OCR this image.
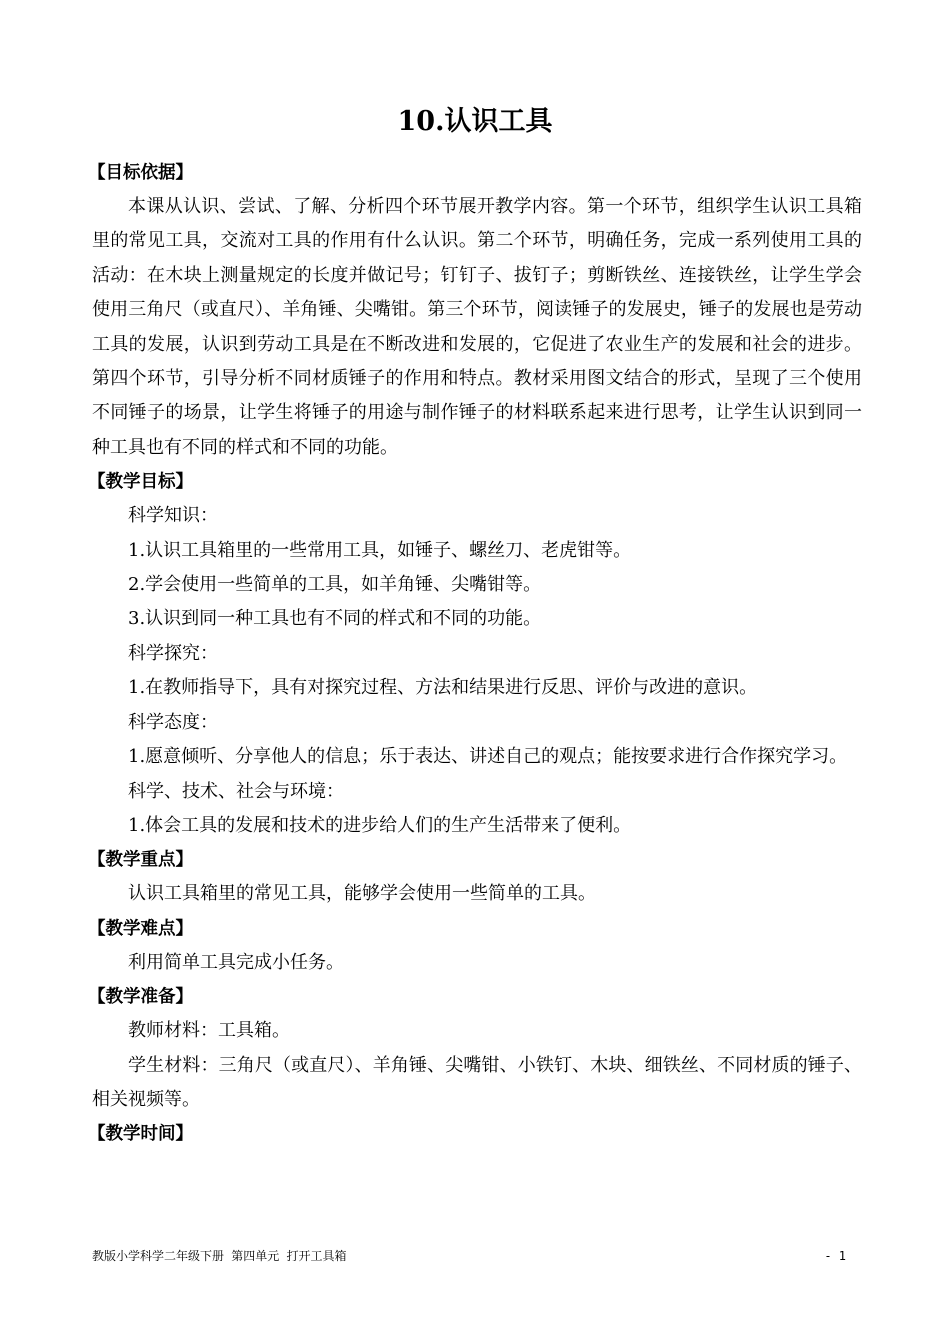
10.认识工具
【目标依据】

本课从认识、尝试、了解、分析四个环节展开教学内容。第一个环节，组织学生认识工具箱里的常见工具，交流对工具的作用有什么认识。第二个环节，明确任务，完成一系列使用工具的活动：在木块上测量规定的长度并做记号；钉钉子、拔钉子；剪断铁丝、连接铁丝，让学生学会使用三角尺（或直尺）、羊角锤、尖嘴钳。第三个环节，阅读锤子的发展史，锤子的发展也是劳动工具的发展，认识到劳动工具是在不断改进和发展的，它促进了农业生产的发展和社会的进步。第四个环节，引导分析不同材质锤子的作用和特点。教材采用图文结合的形式，呈现了三个使用不同锤子的场景，让学生将锤子的用途与制作锤子的材料联系起来进行思考，让学生认识到同一种工具也有不同的样式和不同的功能。

【教学目标】

科学知识：

1.认识工具箱里的一些常用工具，如锤子、螺丝刀、老虎钳等。

2.学会使用一些简单的工具，如羊角锤、尖嘴钳等。

3.认识到同一种工具也有不同的样式和不同的功能。

科学探究：

1.在教师指导下，具有对探究过程、方法和结果进行反思、评价与改进的意识。

科学态度：

1.愿意倾听、分享他人的信息；乐于表达、讲述自己的观点；能按要求进行合作探究学习。

科学、技术、社会与环境：

1.体会工具的发展和技术的进步给人们的生产生活带来了便利。

【教学重点】

认识工具箱里的常见工具，能够学会使用一些简单的工具。

【教学难点】

利用简单工具完成小任务。

【教学准备】

教师材料：工具箱。

学生材料：三角尺（或直尺）、羊角锤、尖嘴钳、小铁钉、木块、细铁丝、不同材质的锤子、相关视频等。

【教学时间】
教版小学科学二年级下册 第四单元 打开工具箱	- 1
